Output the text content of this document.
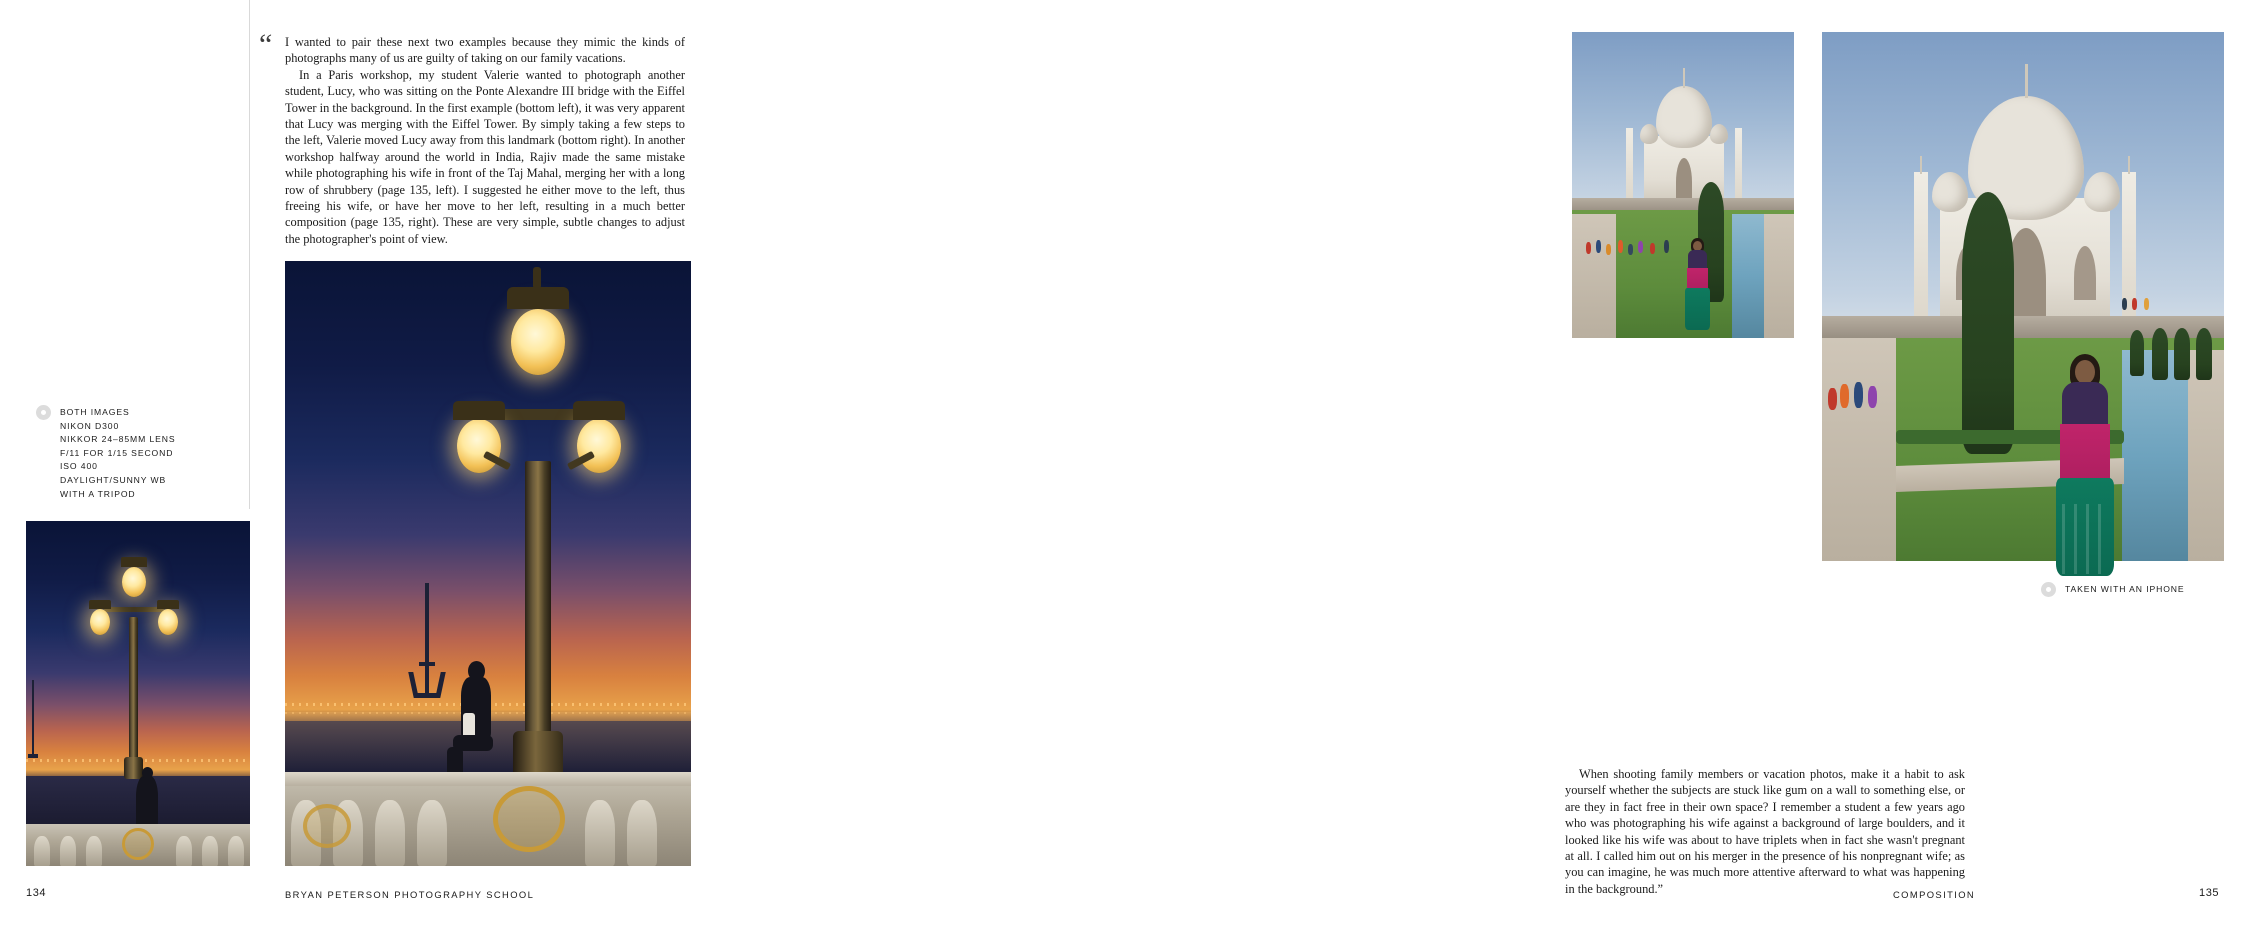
“ I wanted to pair these next two examples because they mimic the kinds of photographs many of us are guilty of taking on our family vacations.

In a Paris workshop, my student Valerie wanted to photograph another student, Lucy, who was sitting on the Ponte Alexandre III bridge with the Eiffel Tower in the background. In the first example (bottom left), it was very apparent that Lucy was merging with the Eiffel Tower. By simply taking a few steps to the left, Valerie moved Lucy away from this landmark (bottom right). In another workshop halfway around the world in India, Rajiv made the same mistake while photographing his wife in front of the Taj Mahal, merging her with a long row of shrubbery (page 135, left). I suggested he either move to the left, thus freeing his wife, or have her move to her left, resulting in a much better composition (page 135, right). These are very simple, subtle changes to adjust the photographer's point of view.

BOTH IMAGES
NIKON D300
NIKKOR 24–85MM LENS
F/11 FOR 1/15 SECOND
ISO 400
DAYLIGHT/SUNNY WB
WITH A TRIPOD
134	BRYAN PETERSON PHOTOGRAPHY SCHOOL
TAKEN WITH AN IPHONE

When shooting family members or vacation photos, make it a habit to ask yourself whether the subjects are stuck like gum on a wall to something else, or are they in fact free in their own space? I remember a student a few years ago who was photographing his wife against a background of large boulders, and it looked like his wife was about to have triplets when in fact she wasn't pregnant at all. I called him out on his merger in the presence of his nonpregnant wife; as you can imagine, he was much more attentive afterward to what was happening in the background.”	COMPOSITION	135
